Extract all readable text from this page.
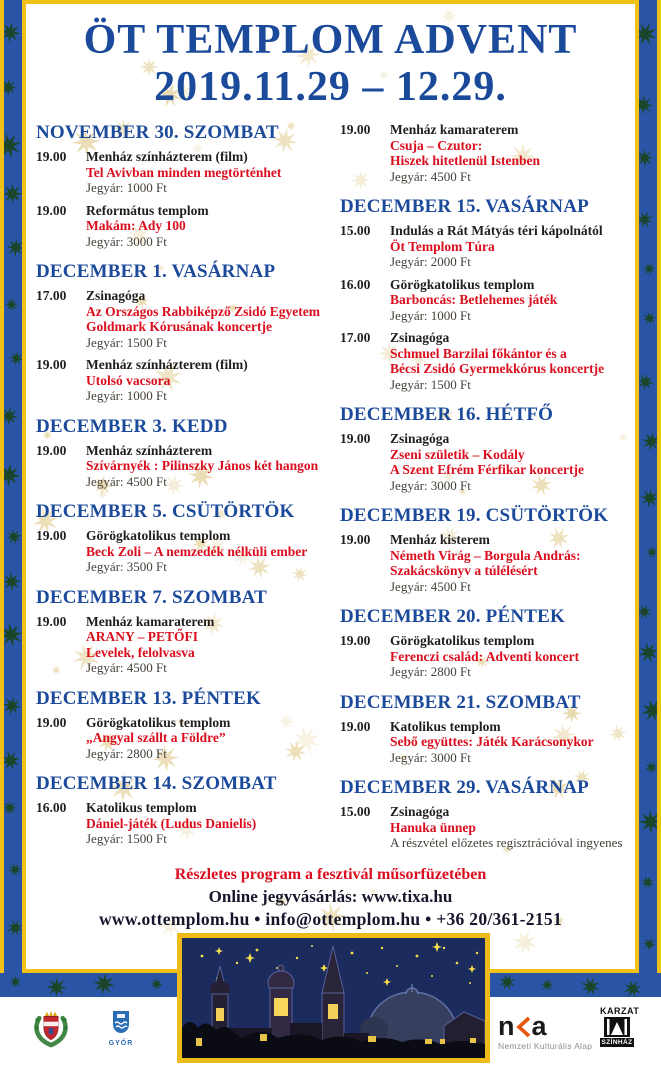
ÖT TEMPLOM ADVENT
2019.11.29 – 12.29.
NOVEMBER 30. SZOMBAT
19.00	Menház színházterem (film)
Tel Avivban minden megtörténhet
Jegyár: 1000 Ft
19.00	Református templom
Makám: Ady 100
Jegyár: 3000 Ft
DECEMBER 1. VASÁRNAP
17.00	Zsinagóga
Az Országos Rabbiképző Zsidó Egyetem
Goldmark Kórusának koncertje
Jegyár: 1500 Ft
19.00	Menház színházterem (film)
Utolsó vacsora
Jegyár: 1000 Ft
DECEMBER 3. KEDD
19.00	Menház színházterem
Szívárnyék : Pilinszky János két hangon
Jegyár: 4500 Ft
DECEMBER 5. CSÜTÖRTÖK
19.00	Görögkatolikus templom
Beck Zoli – A nemzedék nélküli ember
Jegyár: 3500 Ft
DECEMBER 7. SZOMBAT
19.00	Menház kamaraterem
ARANY – PETŐFI
Levelek, felolvasva
Jegyár: 4500 Ft
DECEMBER 13. PÉNTEK
19.00	Görögkatolikus templom
„Angyal szállt a Földre”
Jegyár: 2800 Ft
DECEMBER 14. SZOMBAT
16.00	Katolikus templom
Dániel-játék (Ludus Danielis)
Jegyár: 1500 Ft
19.00	Menház kamaraterem
Csuja – Czutor:
Hiszek hitetlenül Istenben
Jegyár: 4500 Ft
DECEMBER 15. VASÁRNAP
15.00	Indulás a Rát Mátyás téri kápolnától
Öt Templom Túra
Jegyár: 2000 Ft
16.00	Görögkatolikus templom
Barboncás: Betlehemes játék
Jegyár: 1000 Ft
17.00	Zsinagóga
Schmuel Barzilai főkántor és a
Bécsi Zsidó Gyermekkórus koncertje
Jegyár: 1500 Ft
DECEMBER 16. HÉTFŐ
19.00	Zsinagóga
Zseni születik – Kodály
A Szent Efrém Férfikar koncertje
Jegyár: 3000 Ft
DECEMBER 19. CSÜTÖRTÖK
19.00	Menház kisterem
Németh Virág – Borgula András:
Szakácskönyv a túlélésért
Jegyár: 4500 Ft
DECEMBER 20. PÉNTEK
19.00	Görögkatolikus templom
Ferenczi család: Adventi koncert
Jegyár: 2800 Ft
DECEMBER 21. SZOMBAT
19.00	Katolikus templom
Sebő együttes: Játék Karácsonykor
Jegyár: 3000 Ft
DECEMBER 29. VASÁRNAP
15.00	Zsinagóga
Hanuka ünnep
A részvétel előzetes regisztrációval ingyenes
Részletes program a fesztivál műsorfüzetében
Online jegyvásárlás: www.tixa.hu
www.ottemplom.hu • info@ottemplom.hu • +36 20/361-2151
GYŐR
n a
Nemzeti Kulturális Alap
KARZAT
SZÍNHÁZ
